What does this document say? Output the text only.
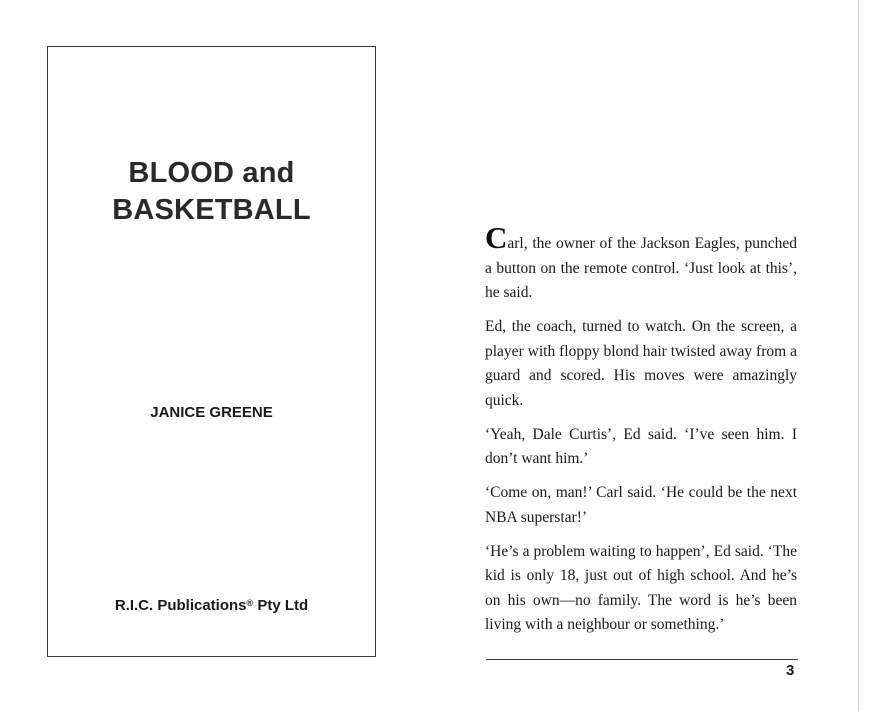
BLOOD and
BASKETBALL
JANICE GREENE
R.I.C. Publications® Pty Ltd

Carl, the owner of the Jackson Eagles, punched a button on the remote control. ‘Just look at this’, he said.

Ed, the coach, turned to watch. On the screen, a player with floppy blond hair twisted away from a guard and scored. His moves were amazingly quick.

‘Yeah, Dale Curtis’, Ed said. ‘I’ve seen him. I don’t want him.’

‘Come on, man!’ Carl said. ‘He could be the next NBA superstar!’

‘He’s a problem waiting to happen’, Ed said. ‘The kid is only 18, just out of high school. And he’s on his own—no family. The word is he’s been living with a neighbour or something.’

3
